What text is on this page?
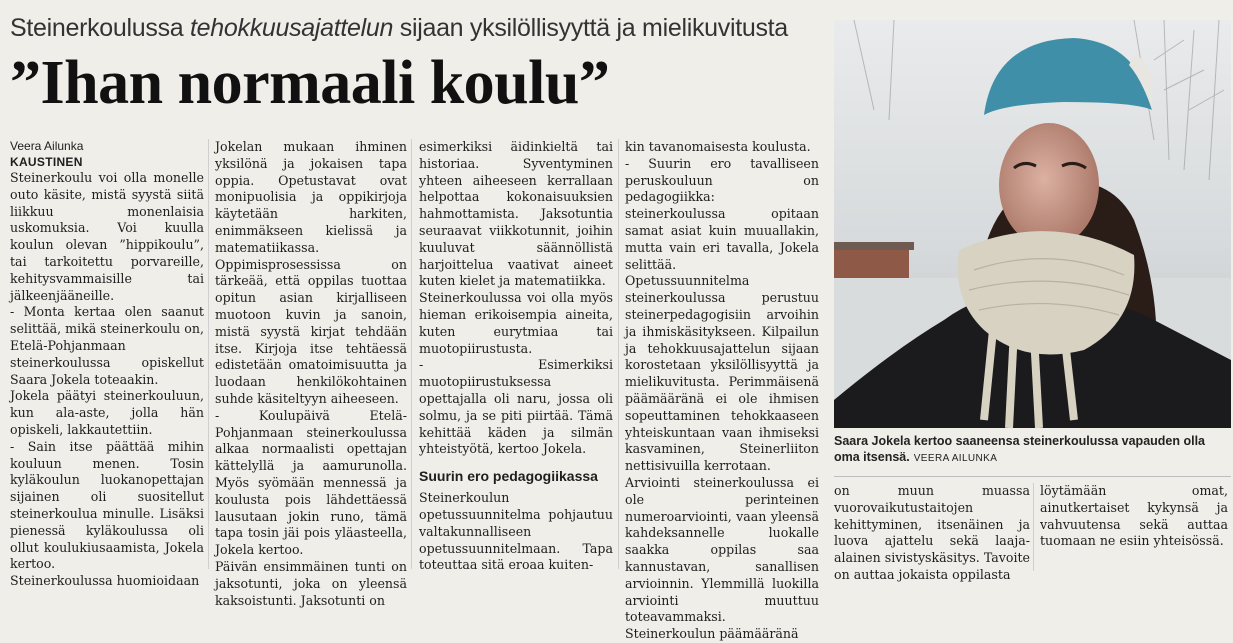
Steinerkoulussa tehokkuusajattelun sijaan yksilöllisyyttä ja mielikuvitusta
”Ihan normaali koulu”
Veera Ailunka
KAUSTINEN

Steinerkoulu voi olla monelle outo käsite, mistä syystä siitä liikkuu monenlaisia uskomuksia. Voi kuulla koulun olevan ”hippikoulu”, tai tarkoitettu porvareille, kehitysvammaisille tai jälkeenjääneille.

- Monta kertaa olen saanut selittää, mikä steinerkoulu on, Etelä-Pohjanmaan steinerkoulussa opiskellut Saara Jokela toteaakin.

Jokela päätyi steinerkouluun, kun ala-aste, jolla hän opiskeli, lakkautettiin.

- Sain itse päättää mihin kouluun menen. Tosin kyläkoulun luokanopettajan sijainen oli suositellut steinerkoulua minulle. Lisäksi pienessä kyläkoulussa oli ollut koulukiusaamista, Jokela kertoo.

Steinerkoulussa huomioidaan

Jokelan mukaan ihminen yksilönä ja jokaisen tapa oppia. Opetustavat ovat monipuolisia ja oppikirjoja käytetään harkiten, enimmäkseen kielissä ja matematiikassa.

Oppimisprosessissa on tärkeää, että oppilas tuottaa opitun asian kirjalliseen muotoon kuvin ja sanoin, mistä syystä kirjat tehdään itse. Kirjoja itse tehtäessä edistetään omatoimisuutta ja luodaan henkilökohtainen suhde käsiteltyyn aiheeseen.

- Koulupäivä Etelä-Pohjanmaan steinerkoulussa alkaa normaalisti opettajan kättelyllä ja aamurunolla. Myös syömään mennessä ja koulusta pois lähdettäessä lausutaan jokin runo, tämä tapa tosin jäi pois yläasteella, Jokela kertoo.

Päivän ensimmäinen tunti on jaksotunti, joka on yleensä kaksoistunti. Jaksotunti on

esimerkiksi äidinkieltä tai historiaa. Syventyminen yhteen aiheeseen kerrallaan helpottaa kokonaisuuksien hahmottamista. Jaksotuntia seuraavat viikkotunnit, joihin kuuluvat säännöllistä harjoittelua vaativat aineet kuten kielet ja matematiikka.

Steinerkoulussa voi olla myös hieman erikoisempia aineita, kuten eurytmiaa tai muotopiirustusta.

- Esimerkiksi muotopiirustuksessa opettajalla oli naru, jossa oli solmu, ja se piti piirtää. Tämä kehittää käden ja silmän yhteistyötä, kertoo Jokela.

Suurin ero pedagogiikassa

Steinerkoulun opetussuunnitelma pohjautuu valtakunnalliseen opetussuunnitelmaan. Tapa toteuttaa sitä eroaa kuiten-

kin tavanomaisesta koulusta.

- Suurin ero tavalliseen peruskouluun on pedagogiikka: steinerkoulussa opitaan samat asiat kuin muuallakin, mutta vain eri tavalla, Jokela selittää.

Opetussuunnitelma steinerkoulussa perustuu steinerpedagogisiin arvoihin ja ihmiskäsitykseen. Kilpailun ja tehokkuusajattelun sijaan korostetaan yksilöllisyyttä ja mielikuvitusta. Perimmäisenä päämääränä ei ole ihmisen sopeuttaminen tehokkaaseen yhteiskuntaan vaan ihmiseksi kasvaminen, Steinerliiton nettisivuilla kerrotaan.

Arviointi steinerkoulussa ei ole perinteinen numeroarviointi, vaan yleensä kahdeksannelle luokalle saakka oppilas saa kannustavan, sanallisen arvioinnin. Ylemmillä luokilla arviointi muuttuu toteavammaksi.

Steinerkoulun päämääränä

Saara Jokela kertoo saaneensa steinerkoulussa vapauden olla oma itsensä. VEERA AILUNKA

on muun muassa vuorovaikutustaitojen kehittyminen, itsenäinen ja luova ajattelu sekä laaja-alainen sivistyskäsitys. Tavoite on auttaa jokaista oppilasta

löytämään omat, ainutkertaiset kykynsä ja vahvuutensa sekä auttaa tuomaan ne esiin yhteisössä.
